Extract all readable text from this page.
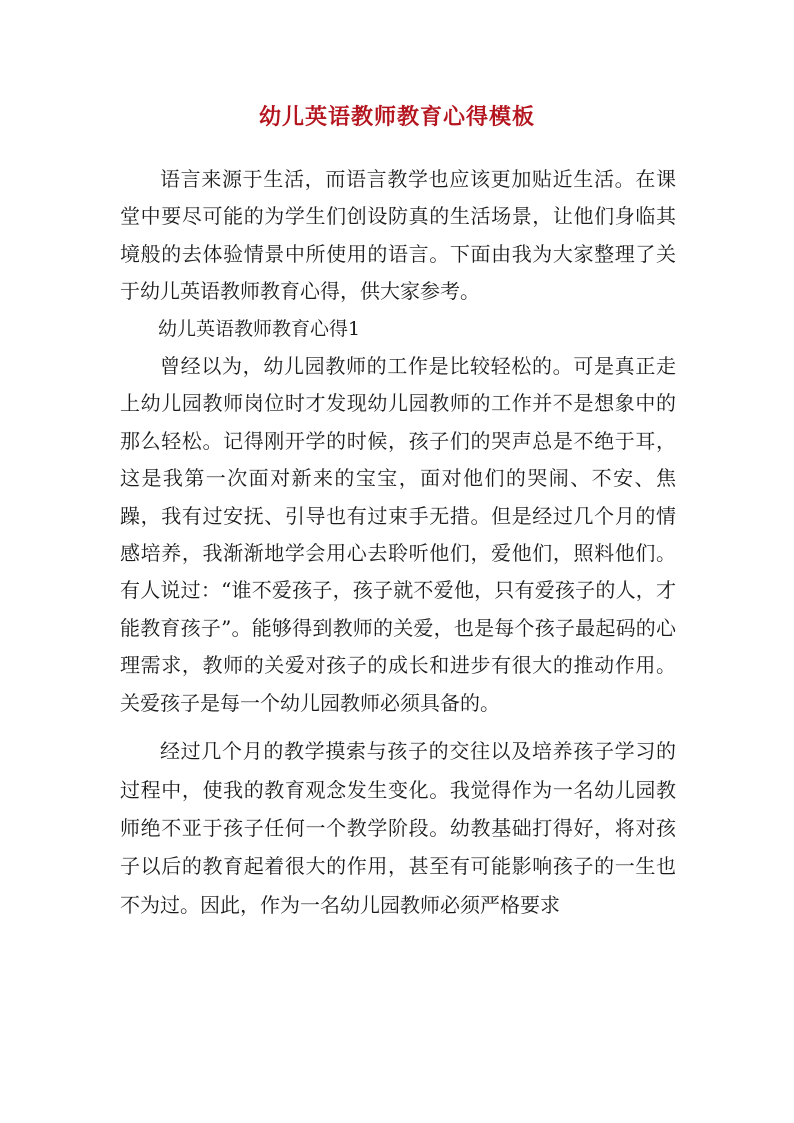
幼儿英语教师教育心得模板

语言来源于生活，而语言教学也应该更加贴近生活。在课堂中要尽可能的为学生们创设防真的生活场景，让他们身临其境般的去体验情景中所使用的语言。下面由我为大家整理了关于幼儿英语教师教育心得，供大家参考。

幼儿英语教师教育心得1

曾经以为，幼儿园教师的工作是比较轻松的。可是真正走上幼儿园教师岗位时才发现幼儿园教师的工作并不是想象中的那么轻松。记得刚开学的时候，孩子们的哭声总是不绝于耳，这是我第一次面对新来的宝宝，面对他们的哭闹、不安、焦躁，我有过安抚、引导也有过束手无措。但是经过几个月的情感培养，我渐渐地学会用心去聆听他们，爱他们，照料他们。有人说过：“谁不爱孩子，孩子就不爱他，只有爱孩子的人，才能教育孩子”。能够得到教师的关爱，也是每个孩子最起码的心理需求，教师的关爱对孩子的成长和进步有很大的推动作用。关爱孩子是每一个幼儿园教师必须具备的。

经过几个月的教学摸索与孩子的交往以及培养孩子学习的过程中，使我的教育观念发生变化。我觉得作为一名幼儿园教师绝不亚于孩子任何一个教学阶段。幼教基础打得好，将对孩子以后的教育起着很大的作用，甚至有可能影响孩子的一生也不为过。因此，作为一名幼儿园教师必须严格要求
